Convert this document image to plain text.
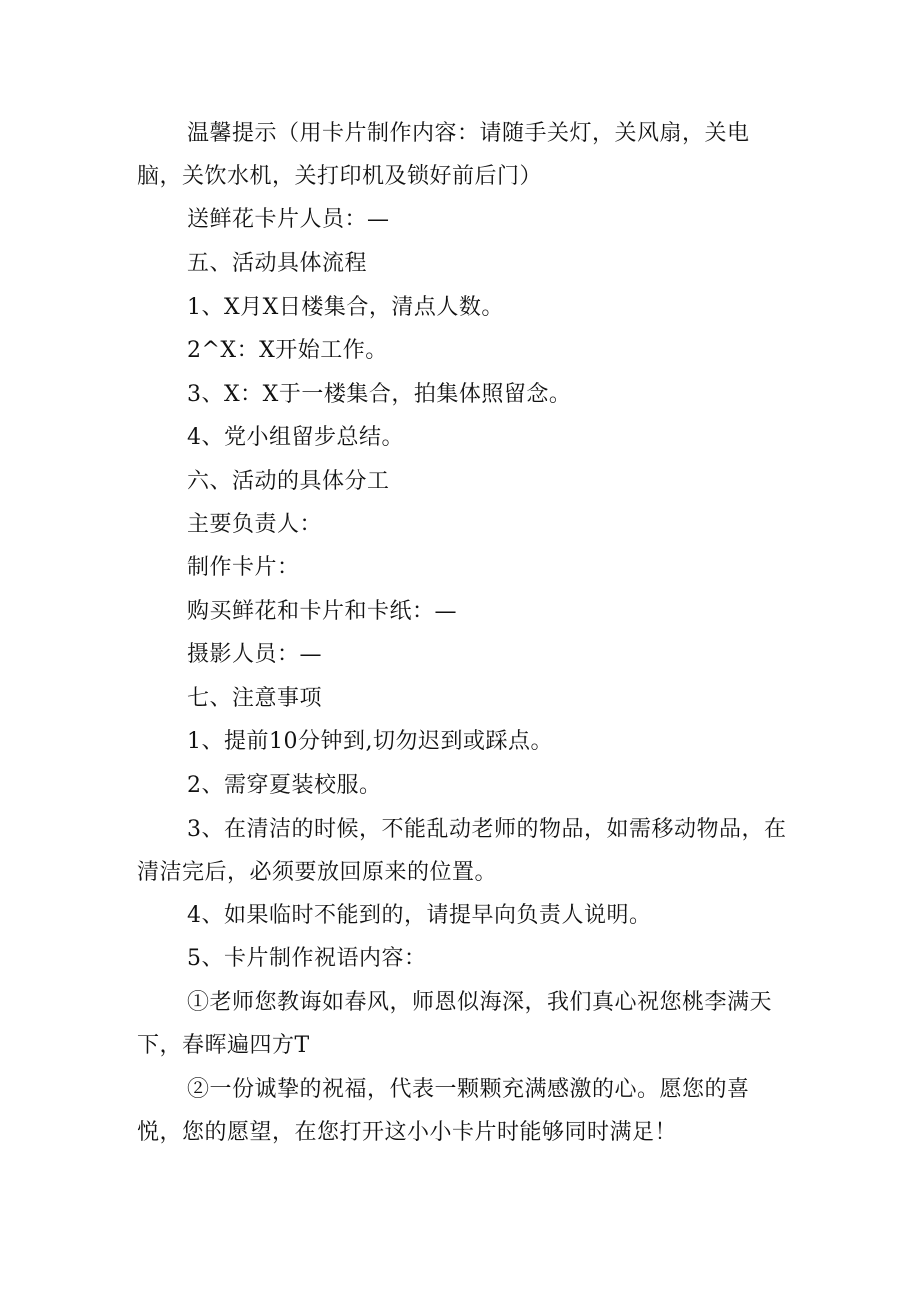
温馨提示（用卡片制作内容：请随手关灯，关风扇，关电脑，关饮水机，关打印机及锁好前后门）

送鲜花卡片人员：—

五、活动具体流程

1、X月X日楼集合，清点人数。

2^X：X开始工作。

3、X：X于一楼集合，拍集体照留念。

4、党小组留步总结。

六、活动的具体分工

主要负责人：

制作卡片：

购买鲜花和卡片和卡纸：—

摄影人员：—

七、注意事项

1、提前10分钟到,切勿迟到或踩点。

2、需穿夏装校服。

3、在清洁的时候，不能乱动老师的物品，如需移动物品，在清洁完后，必须要放回原来的位置。

4、如果临时不能到的，请提早向负责人说明。

5、卡片制作祝语内容：

①老师您教诲如春风，师恩似海深，我们真心祝您桃李满天下，春晖遍四方T

②一份诚挚的祝福，代表一颗颗充满感激的心。愿您的喜悦，您的愿望，在您打开这小小卡片时能够同时满足！
